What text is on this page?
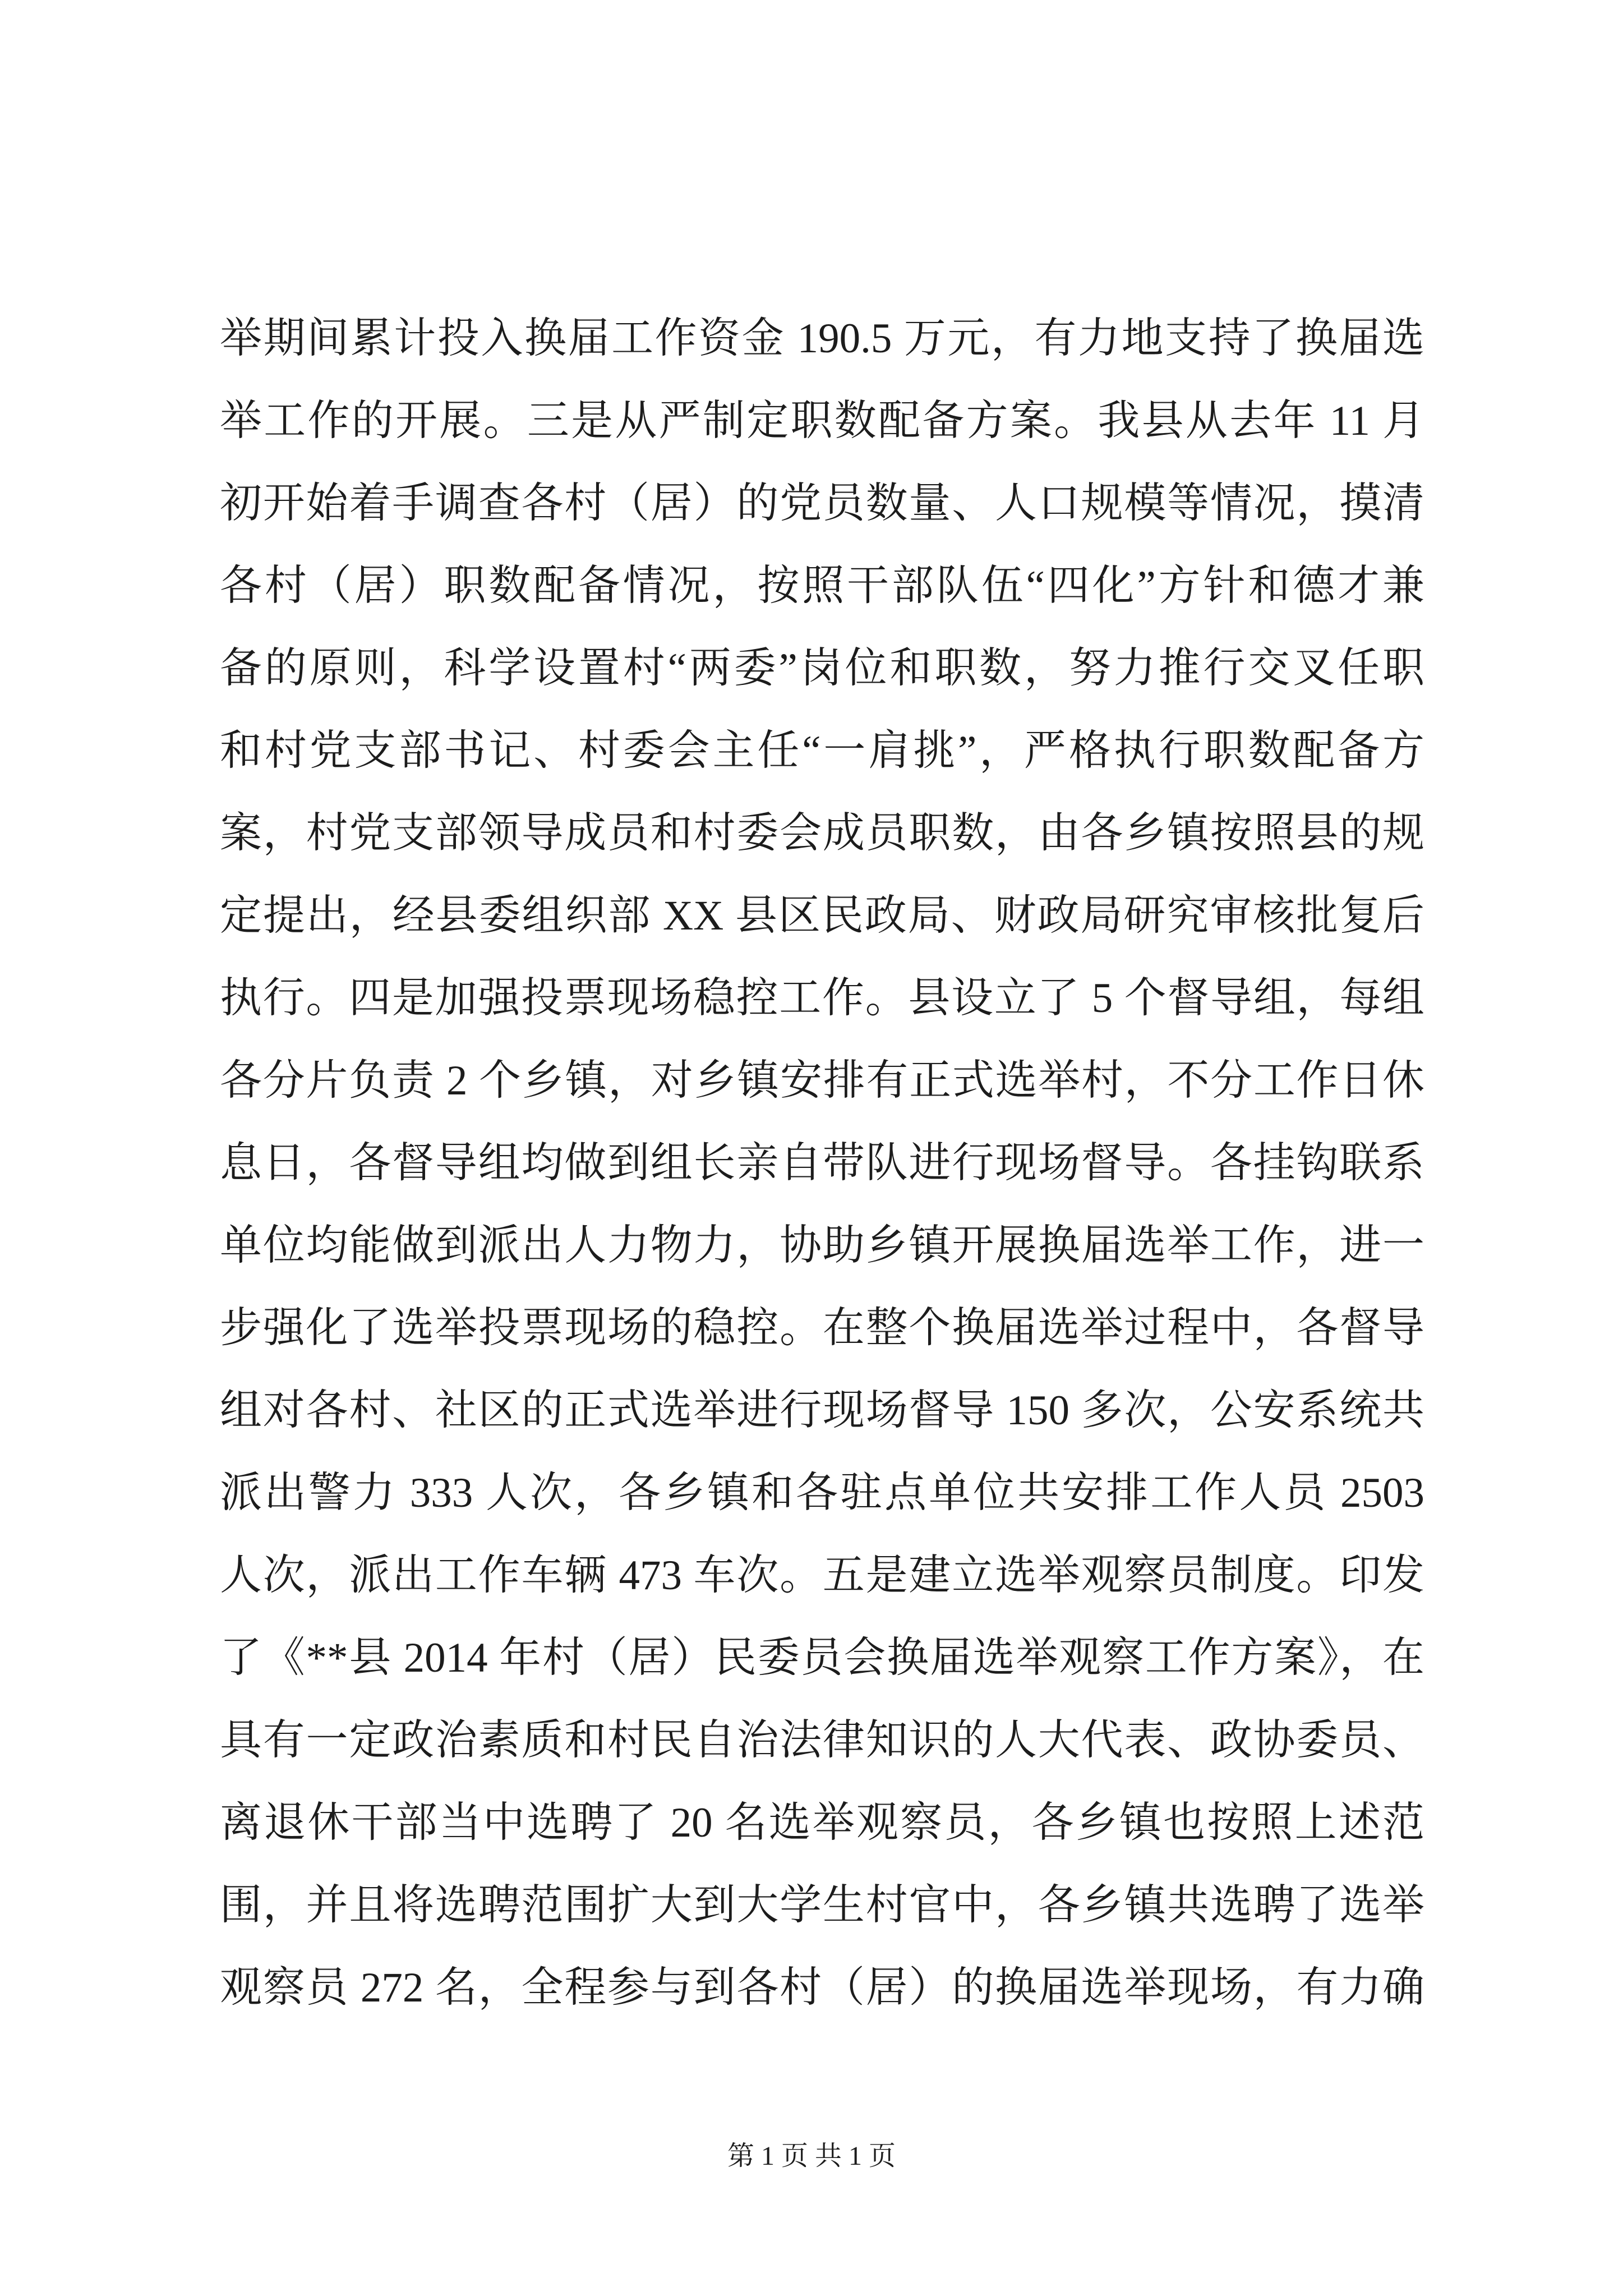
举期间累计投入换届工作资金 190.5 万元，有力地支持了换届选
举工作的开展。三是从严制定职数配备方案。我县从去年 11 月
初开始着手调查各村（居）的党员数量、人口规模等情况，摸清
各村（居）职数配备情况，按照干部队伍“四化”方针和德才兼
备的原则，科学设置村“两委”岗位和职数，努力推行交叉任职
和村党支部书记、村委会主任“一肩挑”，严格执行职数配备方
案，村党支部领导成员和村委会成员职数，由各乡镇按照县的规
定提出，经县委组织部 XX 县区民政局、财政局研究审核批复后
执行。四是加强投票现场稳控工作。县设立了 5 个督导组，每组
各分片负责 2 个乡镇，对乡镇安排有正式选举村，不分工作日休
息日，各督导组均做到组长亲自带队进行现场督导。各挂钩联系
单位均能做到派出人力物力，协助乡镇开展换届选举工作，进一
步强化了选举投票现场的稳控。在整个换届选举过程中，各督导
组对各村、社区的正式选举进行现场督导 150 多次，公安系统共
派出警力 333 人次，各乡镇和各驻点单位共安排工作人员 2503
人次，派出工作车辆 473 车次。五是建立选举观察员制度。印发
了《**县 2014 年村（居）民委员会换届选举观察工作方案》，在
具有一定政治素质和村民自治法律知识的人大代表、政协委员、
离退休干部当中选聘了 20 名选举观察员，各乡镇也按照上述范
围，并且将选聘范围扩大到大学生村官中，各乡镇共选聘了选举
观察员 272 名，全程参与到各村（居）的换届选举现场，有力确
第 1 页 共 1 页
